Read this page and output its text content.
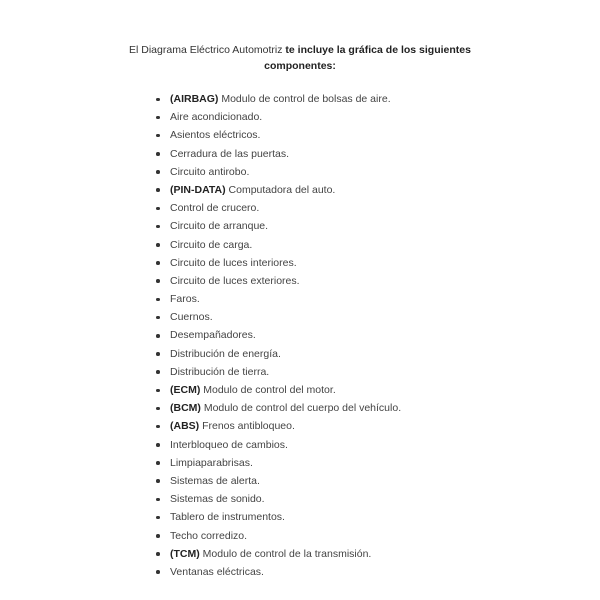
El Diagrama Eléctrico Automotriz te incluye la gráfica de los siguientes
componentes:
(AIRBAG) Modulo de control de bolsas de aire.
Aire acondicionado.
Asientos eléctricos.
Cerradura de las puertas.
Circuito antirobo.
(PIN-DATA) Computadora del auto.
Control de crucero.
Circuito de arranque.
Circuito de carga.
Circuito de luces interiores.
Circuito de luces exteriores.
Faros.
Cuernos.
Desempañadores.
Distribución de energía.
Distribución de tierra.
(ECM) Modulo de control del motor.
(BCM) Modulo de control del cuerpo del vehículo.
(ABS) Frenos antibloqueo.
Interbloqueo de cambios.
Limpiaparabrisas.
Sistemas de alerta.
Sistemas de sonido.
Tablero de instrumentos.
Techo corredizo.
(TCM) Modulo de control de la transmisión.
Ventanas eléctricas.
